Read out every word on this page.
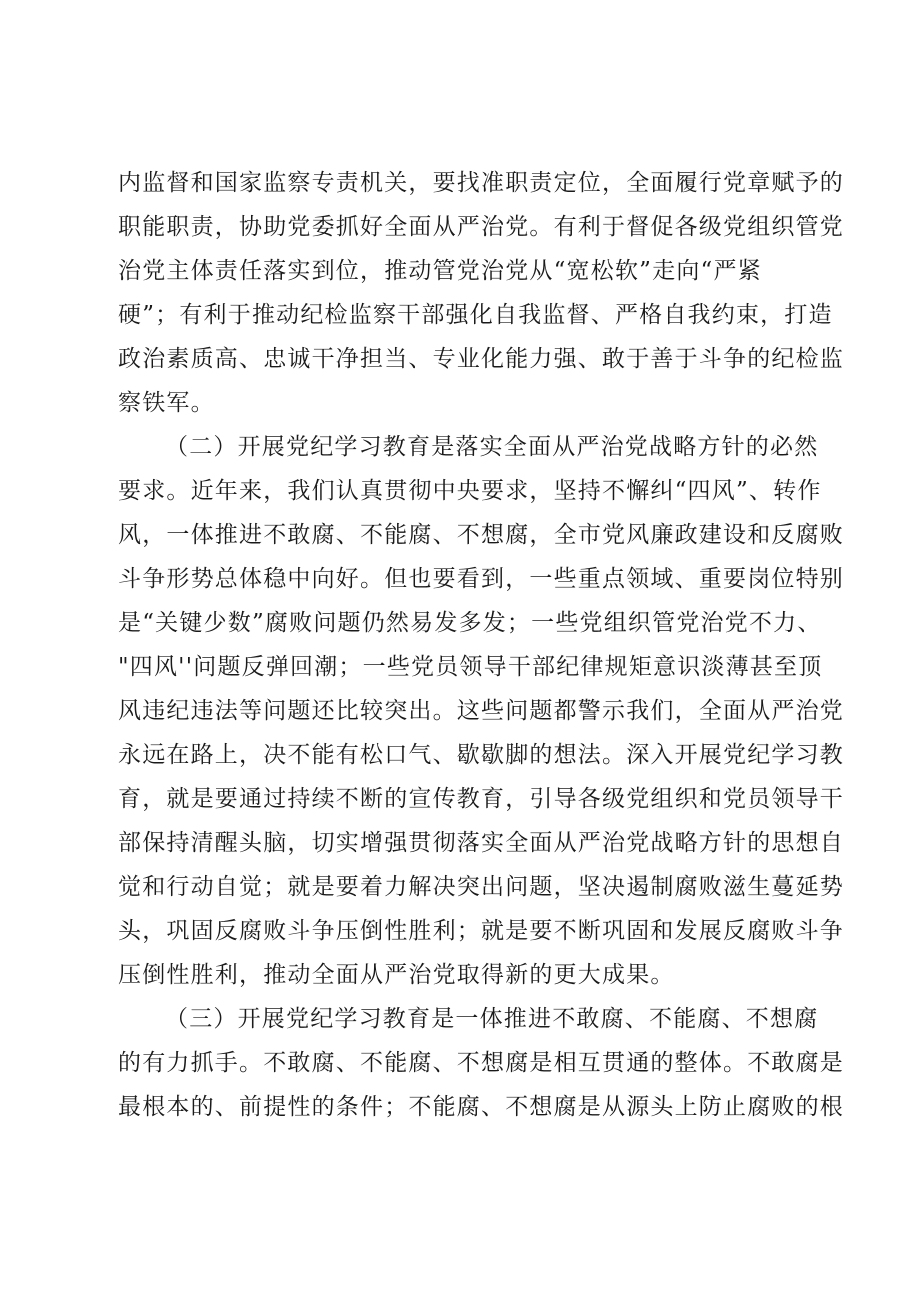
内监督和国家监察专责机关，要找准职责定位，全面履行党章赋予的
职能职责，协助党委抓好全面从严治党。有利于督促各级党组织管党
治党主体责任落实到位，推动管党治党从“宽松软”走向“严紧
硬”；有利于推动纪检监察干部强化自我监督、严格自我约束，打造
政治素质高、忠诚干净担当、专业化能力强、敢于善于斗争的纪检监
察铁军。
（二）开展党纪学习教育是落实全面从严治党战略方针的必然
要求。近年来，我们认真贯彻中央要求，坚持不懈纠“四风”、转作
风，一体推进不敢腐、不能腐、不想腐，全市党风廉政建设和反腐败
斗争形势总体稳中向好。但也要看到，一些重点领域、重要岗位特别
是“关键少数”腐败问题仍然易发多发；一些党组织管党治党不力、
"四风''问题反弹回潮；一些党员领导干部纪律规矩意识淡薄甚至顶
风违纪违法等问题还比较突出。这些问题都警示我们，全面从严治党
永远在路上，决不能有松口气、歇歇脚的想法。深入开展党纪学习教
育，就是要通过持续不断的宣传教育，引导各级党组织和党员领导干
部保持清醒头脑，切实增强贯彻落实全面从严治党战略方针的思想自
觉和行动自觉；就是要着力解决突出问题，坚决遏制腐败滋生蔓延势
头，巩固反腐败斗争压倒性胜利；就是要不断巩固和发展反腐败斗争
压倒性胜利，推动全面从严治党取得新的更大成果。
（三）开展党纪学习教育是一体推进不敢腐、不能腐、不想腐
的有力抓手。不敢腐、不能腐、不想腐是相互贯通的整体。不敢腐是
最根本的、前提性的条件；不能腐、不想腐是从源头上防止腐败的根
